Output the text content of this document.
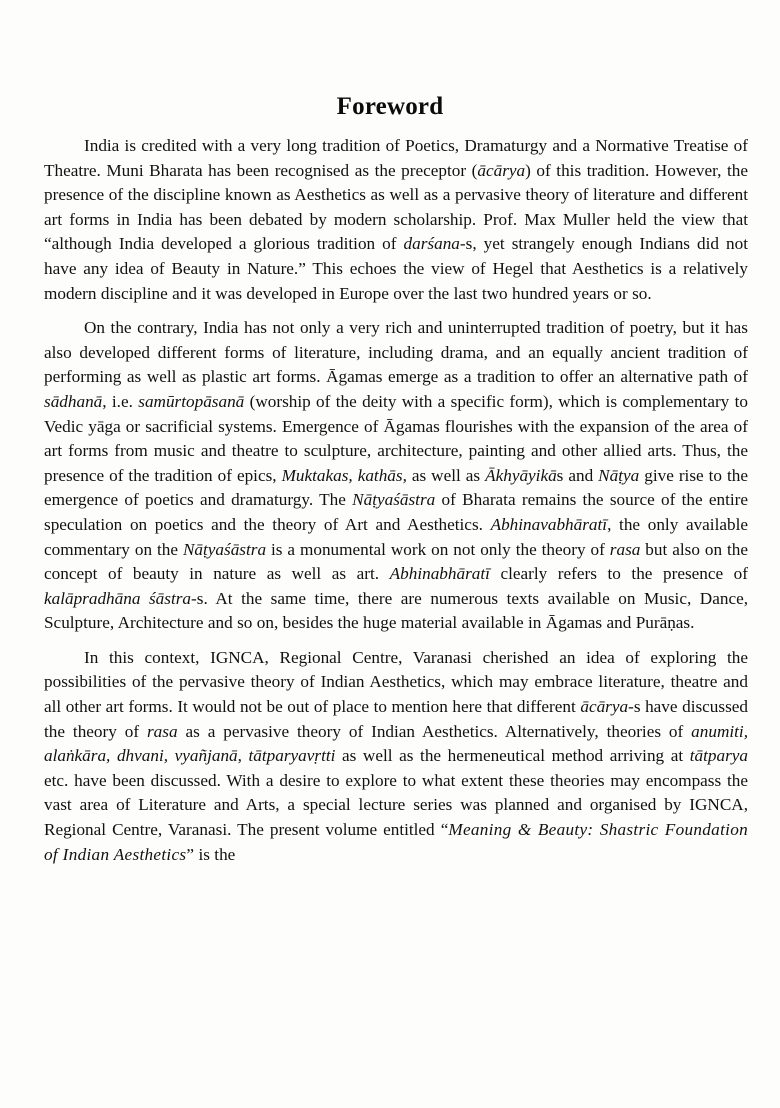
Foreword

India is credited with a very long tradition of Poetics, Dramaturgy and a Normative Treatise of Theatre. Muni Bharata has been recognised as the preceptor (ācārya) of this tradition. However, the presence of the discipline known as Aesthetics as well as a pervasive theory of literature and different art forms in India has been debated by modern scholarship. Prof. Max Muller held the view that “although India developed a glorious tradition of darśana-s, yet strangely enough Indians did not have any idea of Beauty in Nature.” This echoes the view of Hegel that Aesthetics is a relatively modern discipline and it was developed in Europe over the last two hundred years or so.

On the contrary, India has not only a very rich and uninterrupted tradition of poetry, but it has also developed different forms of literature, including drama, and an equally ancient tradition of performing as well as plastic art forms. Āgamas emerge as a tradition to offer an alternative path of sādhanā, i.e. samūrtopāsanā (worship of the deity with a specific form), which is complementary to Vedic yāga or sacrificial systems. Emergence of Āgamas flourishes with the expansion of the area of art forms from music and theatre to sculpture, architecture, painting and other allied arts. Thus, the presence of the tradition of epics, Muktakas, kathās, as well as Ākhyāyikās and Nāṭya give rise to the emergence of poetics and dramaturgy. The Nāṭyaśāstra of Bharata remains the source of the entire speculation on poetics and the theory of Art and Aesthetics. Abhinavabhāratī, the only available commentary on the Nāṭyaśāstra is a monumental work on not only the theory of rasa but also on the concept of beauty in nature as well as art. Abhinabhāratī clearly refers to the presence of kalāpradhāna śāstra-s. At the same time, there are numerous texts available on Music, Dance, Sculpture, Architecture and so on, besides the huge material available in Āgamas and Purāṇas.

In this context, IGNCA, Regional Centre, Varanasi cherished an idea of exploring the possibilities of the pervasive theory of Indian Aesthetics, which may embrace literature, theatre and all other art forms. It would not be out of place to mention here that different ācārya-s have discussed the theory of rasa as a pervasive theory of Indian Aesthetics. Alternatively, theories of anumiti, alaṅkāra, dhvani, vyañjanā, tātparyavṛtti as well as the hermeneutical method arriving at tātparya etc. have been discussed. With a desire to explore to what extent these theories may encompass the vast area of Literature and Arts, a special lecture series was planned and organised by IGNCA, Regional Centre, Varanasi. The present volume entitled “Meaning & Beauty: Shastric Foundation of Indian Aesthetics” is the
